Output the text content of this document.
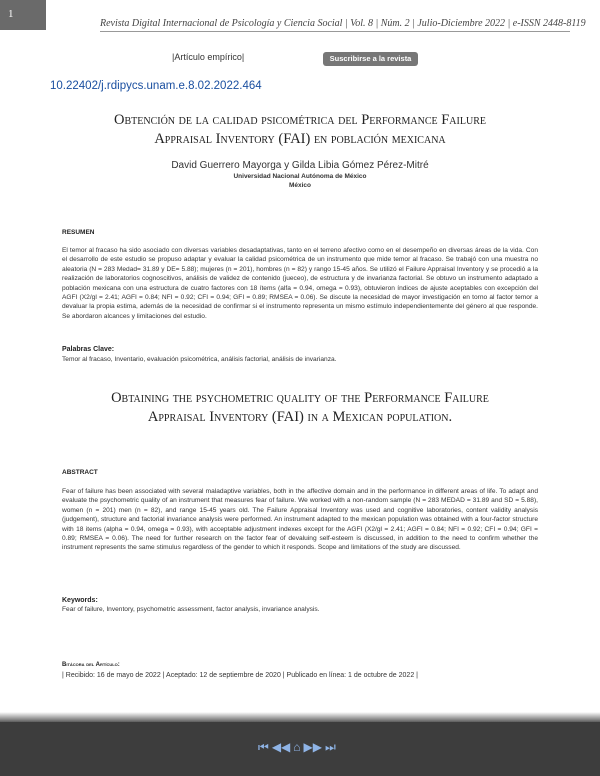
1
Revista Digital Internacional de Psicología y Ciencia Social | Vol. 8 | Núm. 2 | Julio-Diciembre 2022 | e-ISSN 2448-8119
|Artículo empírico|	Suscribirse a la revista
10.22402/j.rdipycs.unam.e.8.02.2022.464
Obtención de la calidad psicométrica del Performance Failure
Appraisal Inventory (FAI) en población mexicana
David Guerrero Mayorga y Gilda Libia Gómez Pérez-Mitré
Universidad Nacional Autónoma de México
México
RESUMEN
El temor al fracaso ha sido asociado con diversas variables desadaptativas, tanto en el terreno afectivo como en el desempeño en diversas áreas de la vida. Con el desarrollo de este estudio se propuso adaptar y evaluar la calidad psicométrica de un instrumento que mide temor al fracaso. Se trabajó con una muestra no aleatoria (N = 283 Medad= 31.89 y DE= 5.88); mujeres (n = 201), hombres (n = 82) y rango 15-45 años. Se utilizó el Failure Appraisal Inventory y se procedió a la realización de laboratorios cognoscitivos, análisis de validez de contenido (jueceo), de estructura y de invarianza factorial. Se obtuvo un instrumento adaptado a población mexicana con una estructura de cuatro factores con 18 ítems (alfa = 0.94, omega = 0.93), obtuvieron índices de ajuste aceptables con excepción del AGFI (X2/gl = 2.41; AGFI = 0.84; NFI = 0.92; CFI = 0.94; GFI = 0.89; RMSEA = 0.06). Se discute la necesidad de mayor investigación en torno al factor temor a devaluar la propia estima, además de la necesidad de confirmar si el instrumento representa un mismo estímulo independientemente del género al que responde. Se abordaron alcances y limitaciones del estudio.
Palabras Clave:
Temor al fracaso, Inventario, evaluación psicométrica, análisis factorial, análisis de invarianza.
Obtaining the psychometric quality of the Performance Failure
Appraisal Inventory (FAI) in a Mexican population.
ABSTRACT
Fear of failure has been associated with several maladaptive variables, both in the affective domain and in the performance in different areas of life. To adapt and evaluate the psychometric quality of an instrument that measures fear of failure. We worked with a non-random sample (N = 283 MEDAD = 31.89 and SD = 5.88), women (n = 201) men (n = 82), and range 15-45 years old. The Failure Appraisal Inventory was used and cognitive laboratories, content validity analysis (judgement), structure and factorial invariance analysis were performed. An instrument adapted to the mexican population was obtained with a four-factor structure with 18 items (alpha = 0.94, omega = 0.93), with acceptable adjustment indexes except for the AGFI (X2/gl = 2.41; AGFI = 0.84; NFI = 0.92; CFI = 0.94; GFI = 0.89; RMSEA = 0.06). The need for further research on the factor fear of devaluing self-esteem is discussed, in addition to the need to confirm whether the instrument represents the same stimulus regardless of the gender to which it responds. Scope and limitations of the study are discussed.
Keywords:
Fear of failure, Inventory, psychometric assessment, factor analysis, invariance analysis.
Bitácora del Artículo:
| Recibido: 16 de mayo de 2022 | Aceptado: 12 de septiembre de 2020 | Publicado en línea: 1 de octubre de 2022 |
⏮ ◀◀ ⌂ ▶▶ ⏭
